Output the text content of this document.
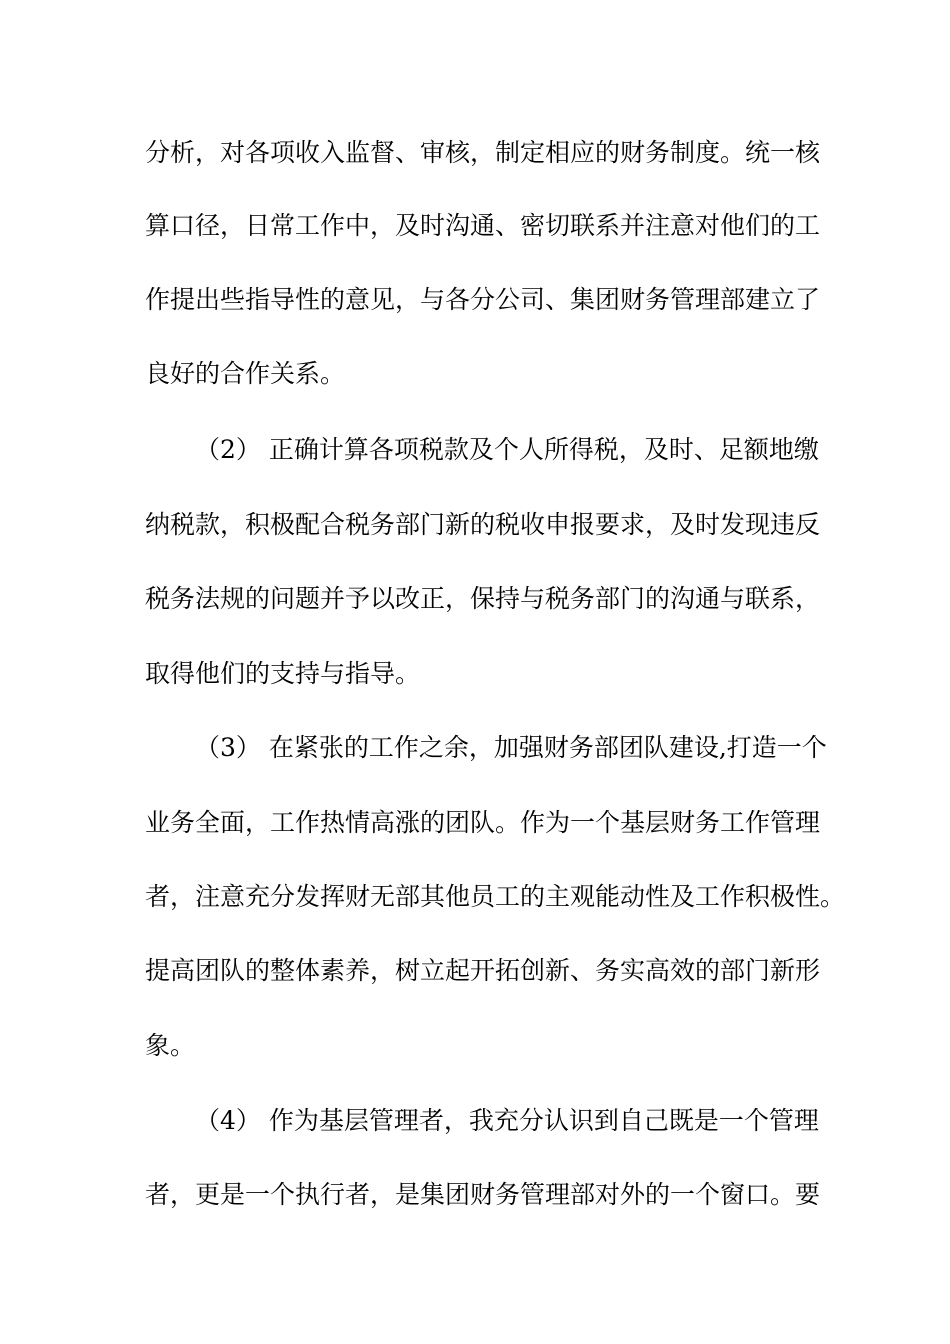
分析，对各项收入监督、审核，制定相应的财务制度。统一核
算口径，日常工作中，及时沟通、密切联系并注意对他们的工
作提出些指导性的意见，与各分公司、集团财务管理部建立了
良好的合作关系。
（2） 正确计算各项税款及个人所得税，及时、足额地缴
纳税款，积极配合税务部门新的税收申报要求，及时发现违反
税务法规的问题并予以改正，保持与税务部门的沟通与联系，
取得他们的支持与指导。
（3） 在紧张的工作之余，加强财务部团队建设,打造一个
业务全面，工作热情高涨的团队。作为一个基层财务工作管理
者，注意充分发挥财无部其他员工的主观能动性及工作积极性。
提高团队的整体素养，树立起开拓创新、务实高效的部门新形
象。
（4） 作为基层管理者，我充分认识到自己既是一个管理
者，更是一个执行者，是集团财务管理部对外的一个窗口。要
